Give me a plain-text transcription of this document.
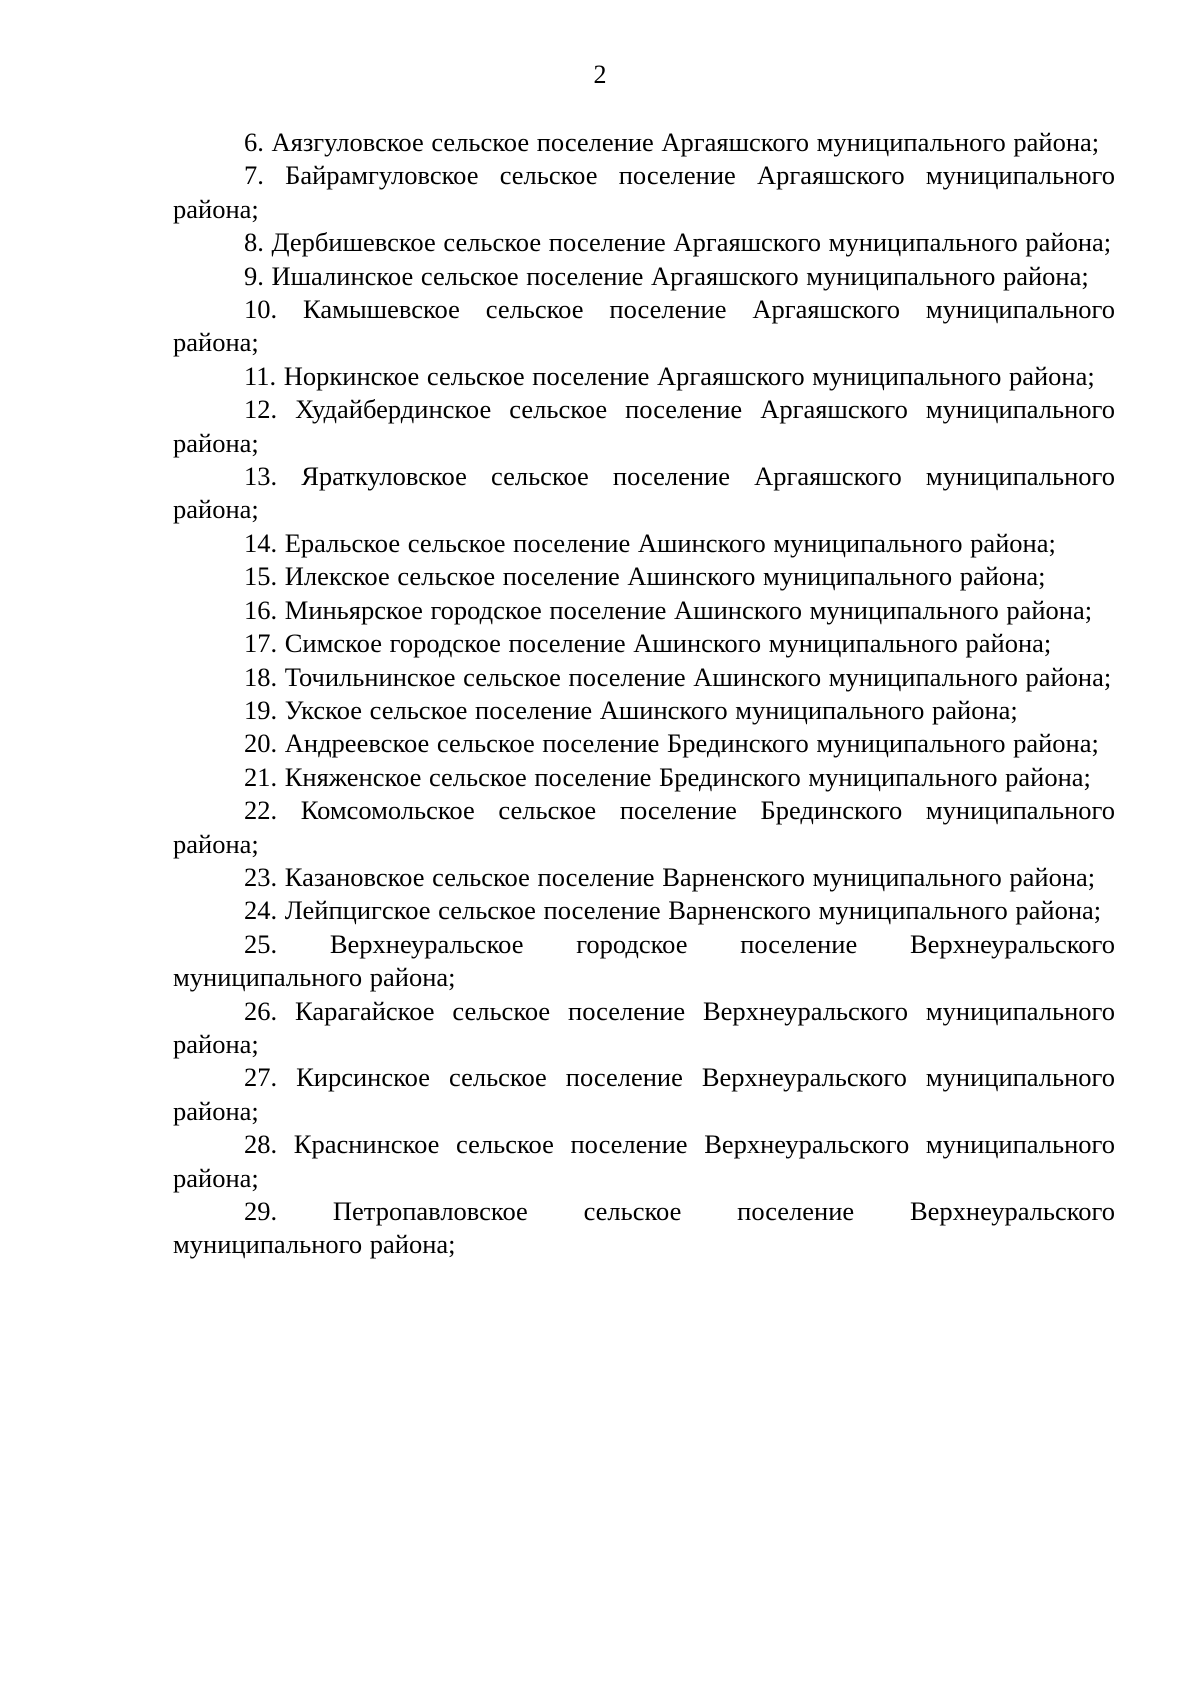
2

6. Аязгуловское сельское поселение Аргаяшского муниципального района;

7. Байрамгуловское сельское поселение Аргаяшского муниципального района;

8. Дербишевское сельское поселение Аргаяшского муниципального района;

9. Ишалинское сельское поселение Аргаяшского муниципального района;

10. Камышевское сельское поселение Аргаяшского муниципального района;

11. Норкинское сельское поселение Аргаяшского муниципального района;

12. Худайбердинское сельское поселение Аргаяшского муниципального района;

13. Яраткуловское сельское поселение Аргаяшского муниципального района;

14. Еральское сельское поселение Ашинского муниципального района;

15. Илекское сельское поселение Ашинского муниципального района;

16. Миньярское городское поселение Ашинского муниципального района;

17. Симское городское поселение Ашинского муниципального района;

18. Точильнинское сельское поселение Ашинского муниципального района;

19. Укское сельское поселение Ашинского муниципального района;

20. Андреевское сельское поселение Брединского муниципального района;

21. Княженское сельское поселение Брединского муниципального района;

22. Комсомольское сельское поселение Брединского муниципального района;

23. Казановское сельское поселение Варненского муниципального района;

24. Лейпцигское сельское поселение Варненского муниципального района;

25. Верхнеуральское городское поселение Верхнеуральского муниципального района;

26. Карагайское сельское поселение Верхнеуральского муниципального района;

27. Кирсинское сельское поселение Верхнеуральского муниципального района;

28. Краснинское сельское поселение Верхнеуральского муниципального района;

29. Петропавловское сельское поселение Верхнеуральского муниципального района;
